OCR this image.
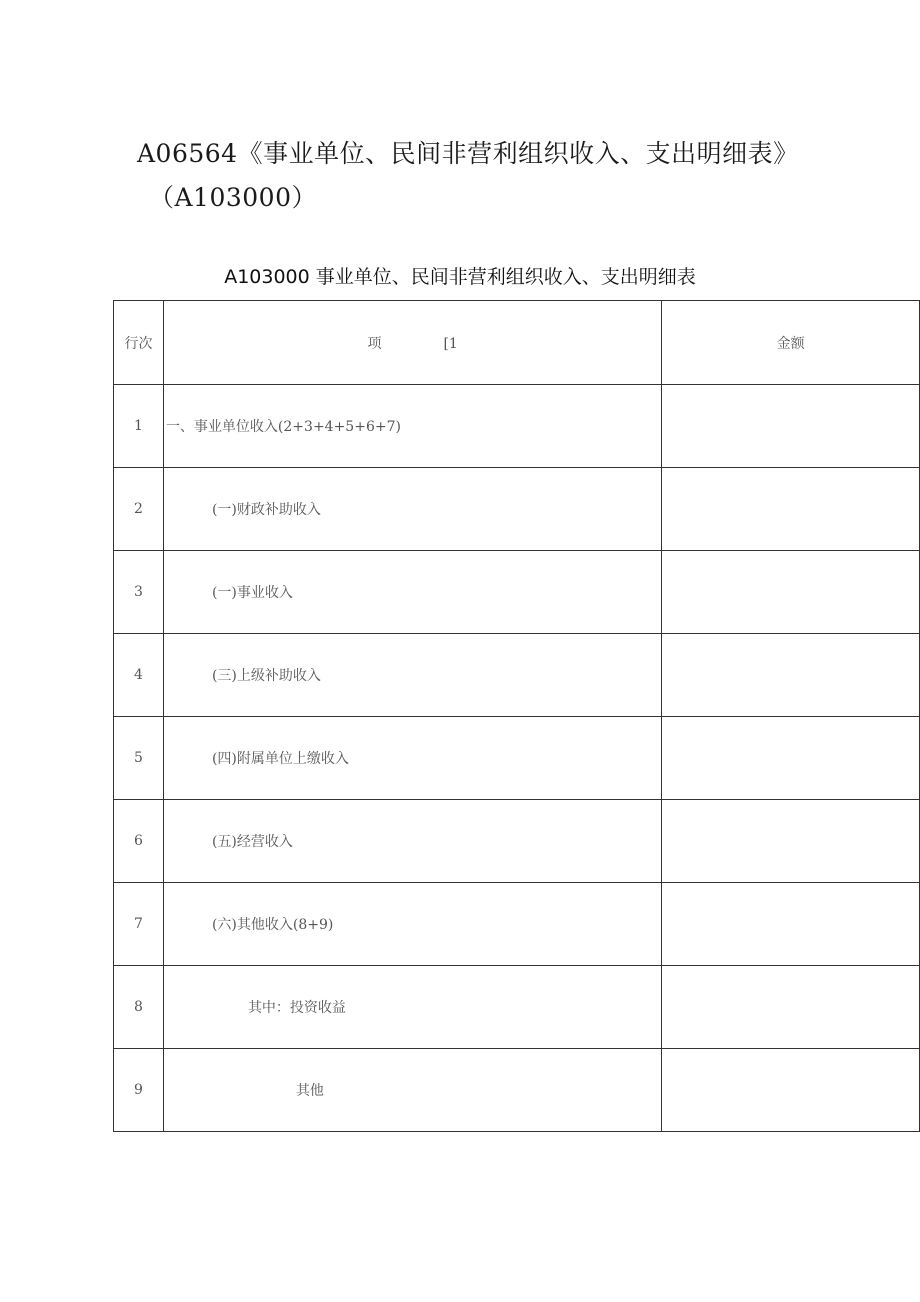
A06564《事业单位、民间非营利组织收入、支出明细表》
（A103000）
A103000 事业单位、民间非营利组织收入、支出明细表
行次	项 [1	金额
1	一、事业单位收入(2+3+4+5+6+7)	
2	(一)财政补助收入	
3	(一)事业收入	
4	(三)上级补助收入	
5	(四)附属单位上缴收入	
6	(五)经营收入	
7	(六)其他收入(8+9)	
8	其中：投资收益	
9	其他	
